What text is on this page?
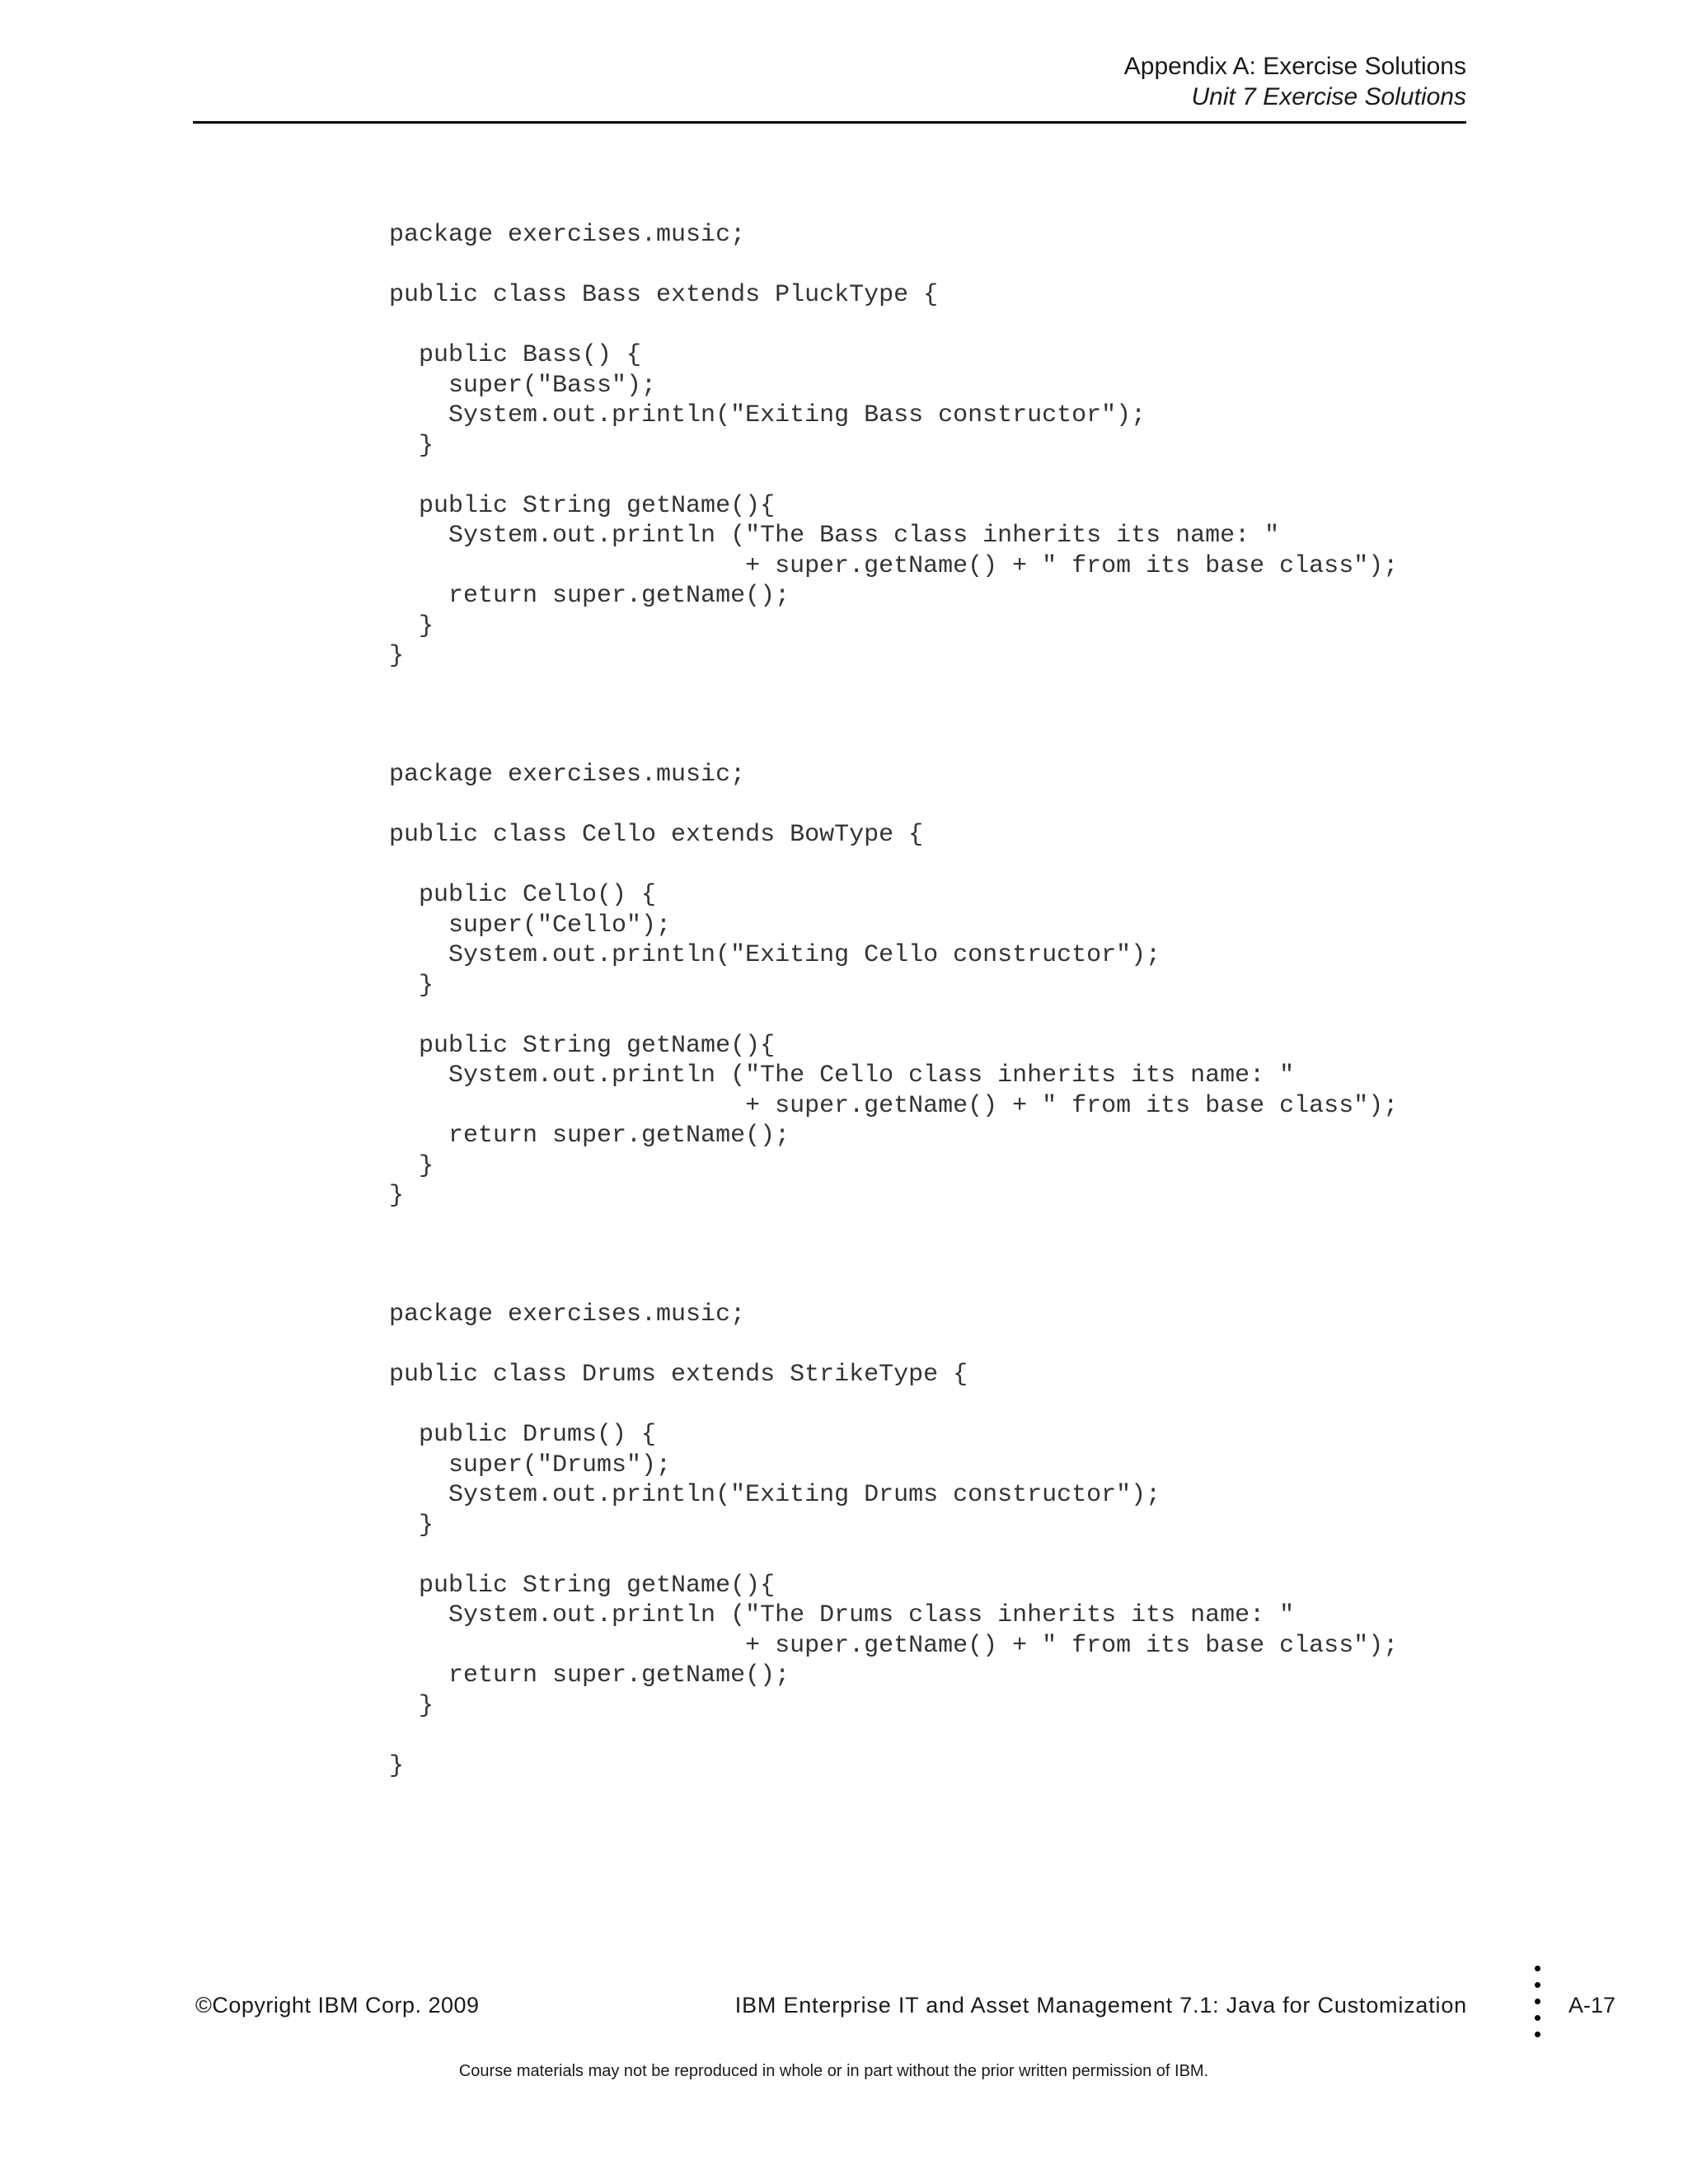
Appendix A: Exercise Solutions
Unit 7 Exercise Solutions
package exercises.music;

public class Bass extends PluckType {

public Bass() {
super("Bass");
System.out.println("Exiting Bass constructor");
}

public String getName(){
System.out.println ("The Bass class inherits its name: "
+ super.getName() + " from its base class");
return super.getName();
}
}
package exercises.music;

public class Cello extends BowType {

public Cello() {
super("Cello");
System.out.println("Exiting Cello constructor");
}

public String getName(){
System.out.println ("The Cello class inherits its name: "
+ super.getName() + " from its base class");
return super.getName();
}
}
package exercises.music;

public class Drums extends StrikeType {

public Drums() {
super("Drums");
System.out.println("Exiting Drums constructor");
}

public String getName(){
System.out.println ("The Drums class inherits its name: "
+ super.getName() + " from its base class");
return super.getName();
}

}
©Copyright IBM Corp. 2009	IBM Enterprise IT and Asset Management 7.1: Java for Customization	A-17
Course materials may not be reproduced in whole or in part without the prior written permission of IBM.
